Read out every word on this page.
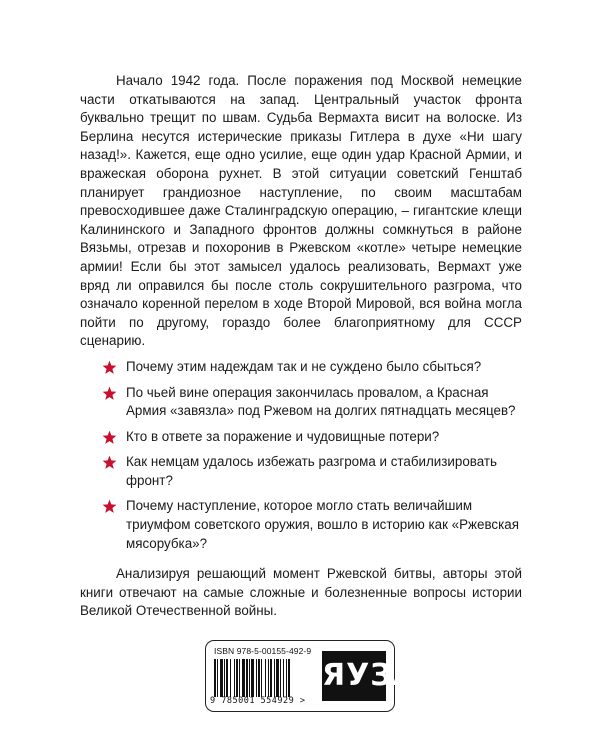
Начало 1942 года. После поражения под Москвой немецкие части откатываются на запад. Центральный участок фронта буквально трещит по швам. Судьба Вермахта висит на волоске. Из Берлина несутся истерические приказы Гитлера в духе «Ни шагу назад!». Кажется, еще одно усилие, еще один удар Красной Армии, и вражеская оборона рухнет. В этой ситуации советский Генштаб планирует грандиозное наступление, по своим масштабам превосходившее даже Сталинградскую операцию, – гигантские клещи Калининского и Западного фронтов должны сомкнуться в районе Вязьмы, отрезав и похоронив в Ржевском «котле» четыре немецкие армии! Если бы этот замысел удалось реализовать, Вермахт уже вряд ли оправился бы после столь сокрушительного разгрома, что означало коренной перелом в ходе Второй Мировой, вся война могла пойти по другому, гораздо более благоприятному для СССР сценарию.

Почему этим надеждам так и не суждено было сбыться?
По чьей вине операция закончилась провалом, а Красная Армия «завязла» под Ржевом на долгих пятнадцать месяцев?
Кто в ответе за поражение и чудовищные потери?
Как немцам удалось избежать разгрома и стабилизировать фронт?
Почему наступление, которое могло стать величайшим триумфом советского оружия, вошло в историю как «Ржевская мясорубка»?

Анализируя решающий момент Ржевской битвы, авторы этой книги отвечают на самые сложные и болезненные вопросы истории Великой Отечественной войны.

ISBN 978-5-00155-492-9
9 785001 554929 >
ЯУЗА
